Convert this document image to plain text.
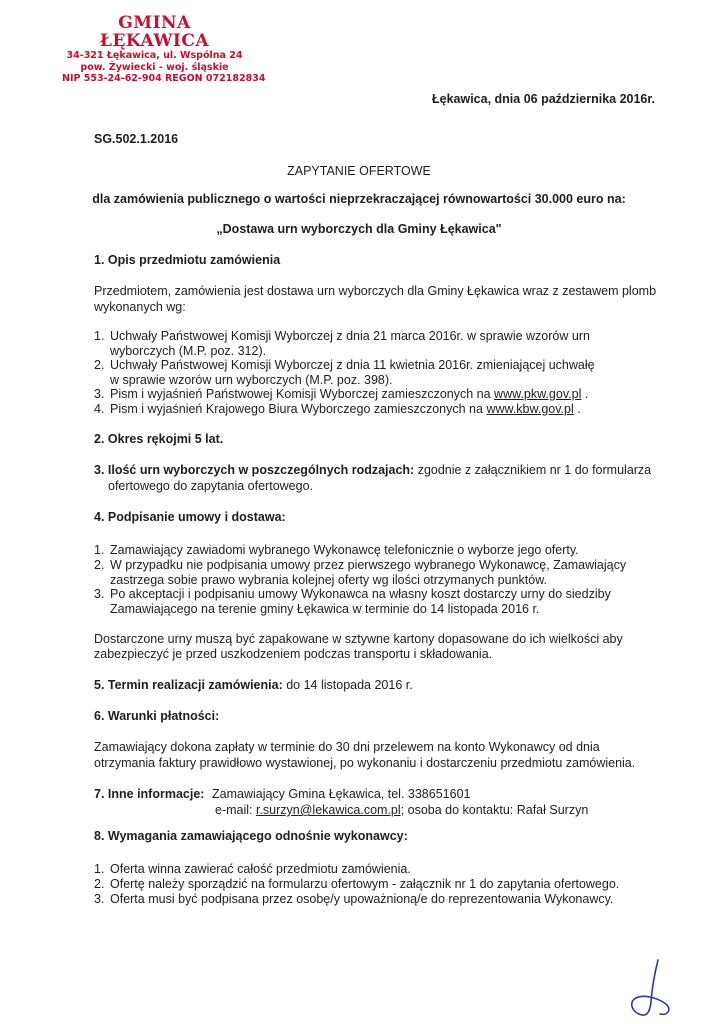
GMINA ŁĘKAWICA
34-321 Łękawica, ul. Wspólna 24
pow. Żywiecki - woj. śląskie
NIP 553-24-62-904 REGON 072182834
Łękawica, dnia 06 października 2016r.
SG.502.1.2016
ZAPYTANIE OFERTOWE
dla zamówienia publicznego o wartości nieprzekraczającej równowartości 30.000 euro na:
„Dostawa urn wyborczych dla Gminy Łękawica"
1. Opis przedmiotu zamówienia
Przedmiotem, zamówienia jest dostawa urn wyborczych dla Gminy Łękawica wraz z zestawem plomb
wykonanych wg:
1. Uchwały Państwowej Komisji Wyborczej z dnia 21 marca 2016r. w sprawie wzorów urn
wyborczych (M.P. poz. 312).
2. Uchwały Państwowej Komisji Wyborczej z dnia 11 kwietnia 2016r. zmieniającej uchwałę
w sprawie wzorów urn wyborczych (M.P. poz. 398).
3. Pism i wyjaśnień Państwowej Komisji Wyborczej zamieszczonych na www.pkw.gov.pl .
4. Pism i wyjaśnień Krajowego Biura Wyborczego zamieszczonych na www.kbw.gov.pl .
2. Okres rękojmi 5 lat.
3. Ilość urn wyborczych w poszczególnych rodzajach: zgodnie z załącznikiem nr 1 do formularza
ofertowego do zapytania ofertowego.
4. Podpisanie umowy i dostawa:
1. Zamawiający zawiadomi wybranego Wykonawcę telefonicznie o wyborze jego oferty.
2. W przypadku nie podpisania umowy przez pierwszego wybranego Wykonawcę, Zamawiający
zastrzega sobie prawo wybrania kolejnej oferty wg ilości otrzymanych punktów.
3. Po akceptacji i podpisaniu umowy Wykonawca na własny koszt dostarczy urny do siedziby
Zamawiającego na terenie gminy Łękawica w terminie do 14 listopada 2016 r.
Dostarczone urny muszą być zapakowane w sztywne kartony dopasowane do ich wielkości aby
zabezpieczyć je przed uszkodzeniem podczas transportu i składowania.
5. Termin realizacji zamówienia: do 14 listopada 2016 r.
6. Warunki płatności:
Zamawiający dokona zapłaty w terminie do 30 dni przelewem na konto Wykonawcy od dnia
otrzymania faktury prawidłowo wystawionej, po wykonaniu i dostarczeniu przedmiotu zamówienia.
7. Inne informacje: Zamawiający Gmina Łękawica, tel. 338651601
e-mail: r.surzyn@lekawica.com.pl; osoba do kontaktu: Rafał Surzyn
8. Wymagania zamawiającego odnośnie wykonawcy:
1. Oferta winna zawierać całość przedmiotu zamówienia.
2. Ofertę należy sporządzić na formularzu ofertowym - załącznik nr 1 do zapytania ofertowego.
3. Oferta musi być podpisana przez osobę/y upoważnioną/e do reprezentowania Wykonawcy.
